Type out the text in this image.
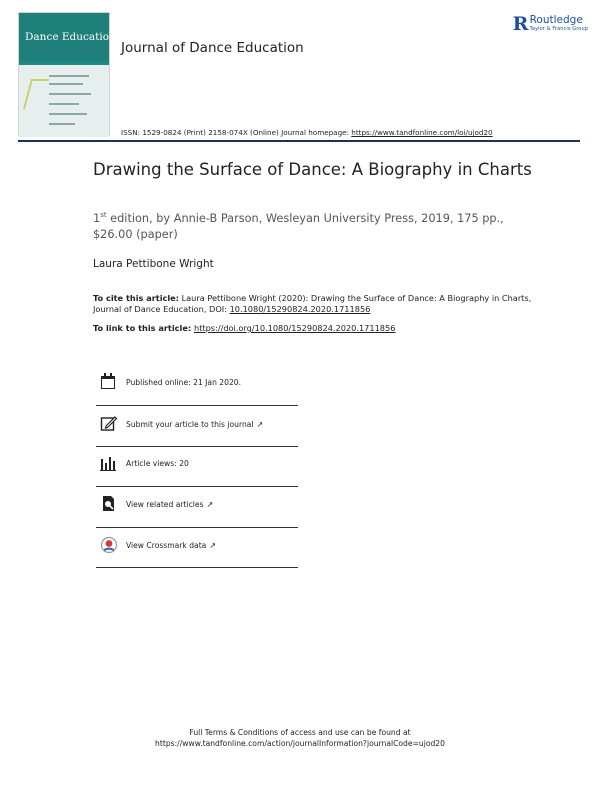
Dance Education
Journal of Dance Education
R Routledge
Taylor & Francis Group
ISSN: 1529-0824 (Print) 2158-074X (Online) Journal homepage: https://www.tandfonline.com/loi/ujod20
Drawing the Surface of Dance: A Biography in Charts
1st edition, by Annie-B Parson, Wesleyan University Press, 2019, 175 pp., $26.00 (paper)
Laura Pettibone Wright
To cite this article: Laura Pettibone Wright (2020): Drawing the Surface of Dance: A Biography in Charts, Journal of Dance Education, DOI: 10.1080/15290824.2020.1711856
To link to this article: https://doi.org/10.1080/15290824.2020.1711856
Published online: 21 Jan 2020.
Submit your article to this journal ↗
Article views: 20
View related articles ↗
View Crossmark data ↗
Full Terms & Conditions of access and use can be found at
https://www.tandfonline.com/action/journalInformation?journalCode=ujod20
